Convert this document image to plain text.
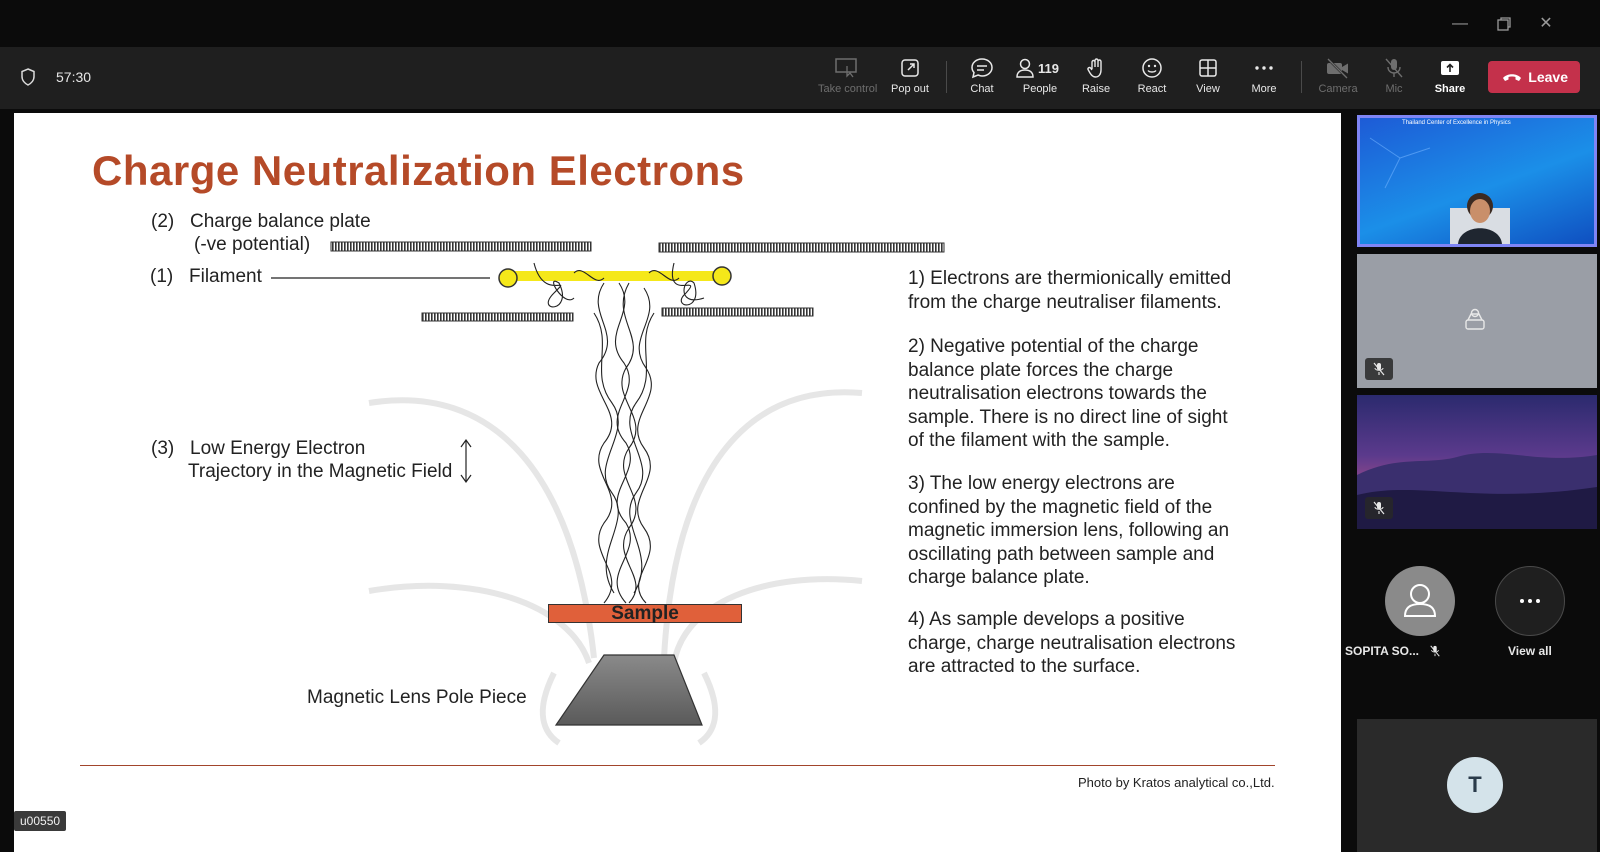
—	✕
57:30
Take control	Pop out	Chat
119
People	Raise	React	View	More	Camera	Mic	Share
Leave
Charge Neutralization Electrons
(2) Charge balance plate
(-ve potential)
(1) Filament
(3) Low Energy Electron
Trajectory in the Magnetic Field
Sample
Magnetic Lens Pole Piece
1) Electrons are thermionically emitted
from the charge neutraliser filaments.
2) Negative potential of the charge
balance plate forces the charge
neutralisation electrons towards the
sample. There is no direct line of sight
of the filament with the sample.
3) The low energy electrons are
confined by the magnetic field of the
magnetic immersion lens, following an
oscillating path between sample and
charge balance plate.
4) As sample develops a positive
charge, charge neutralisation electrons
are attracted to the surface.
Photo by Kratos analytical co.,Ltd.
u00550
Thailand Center of Excellence in Physics
SOPITA SO...	View all
T
